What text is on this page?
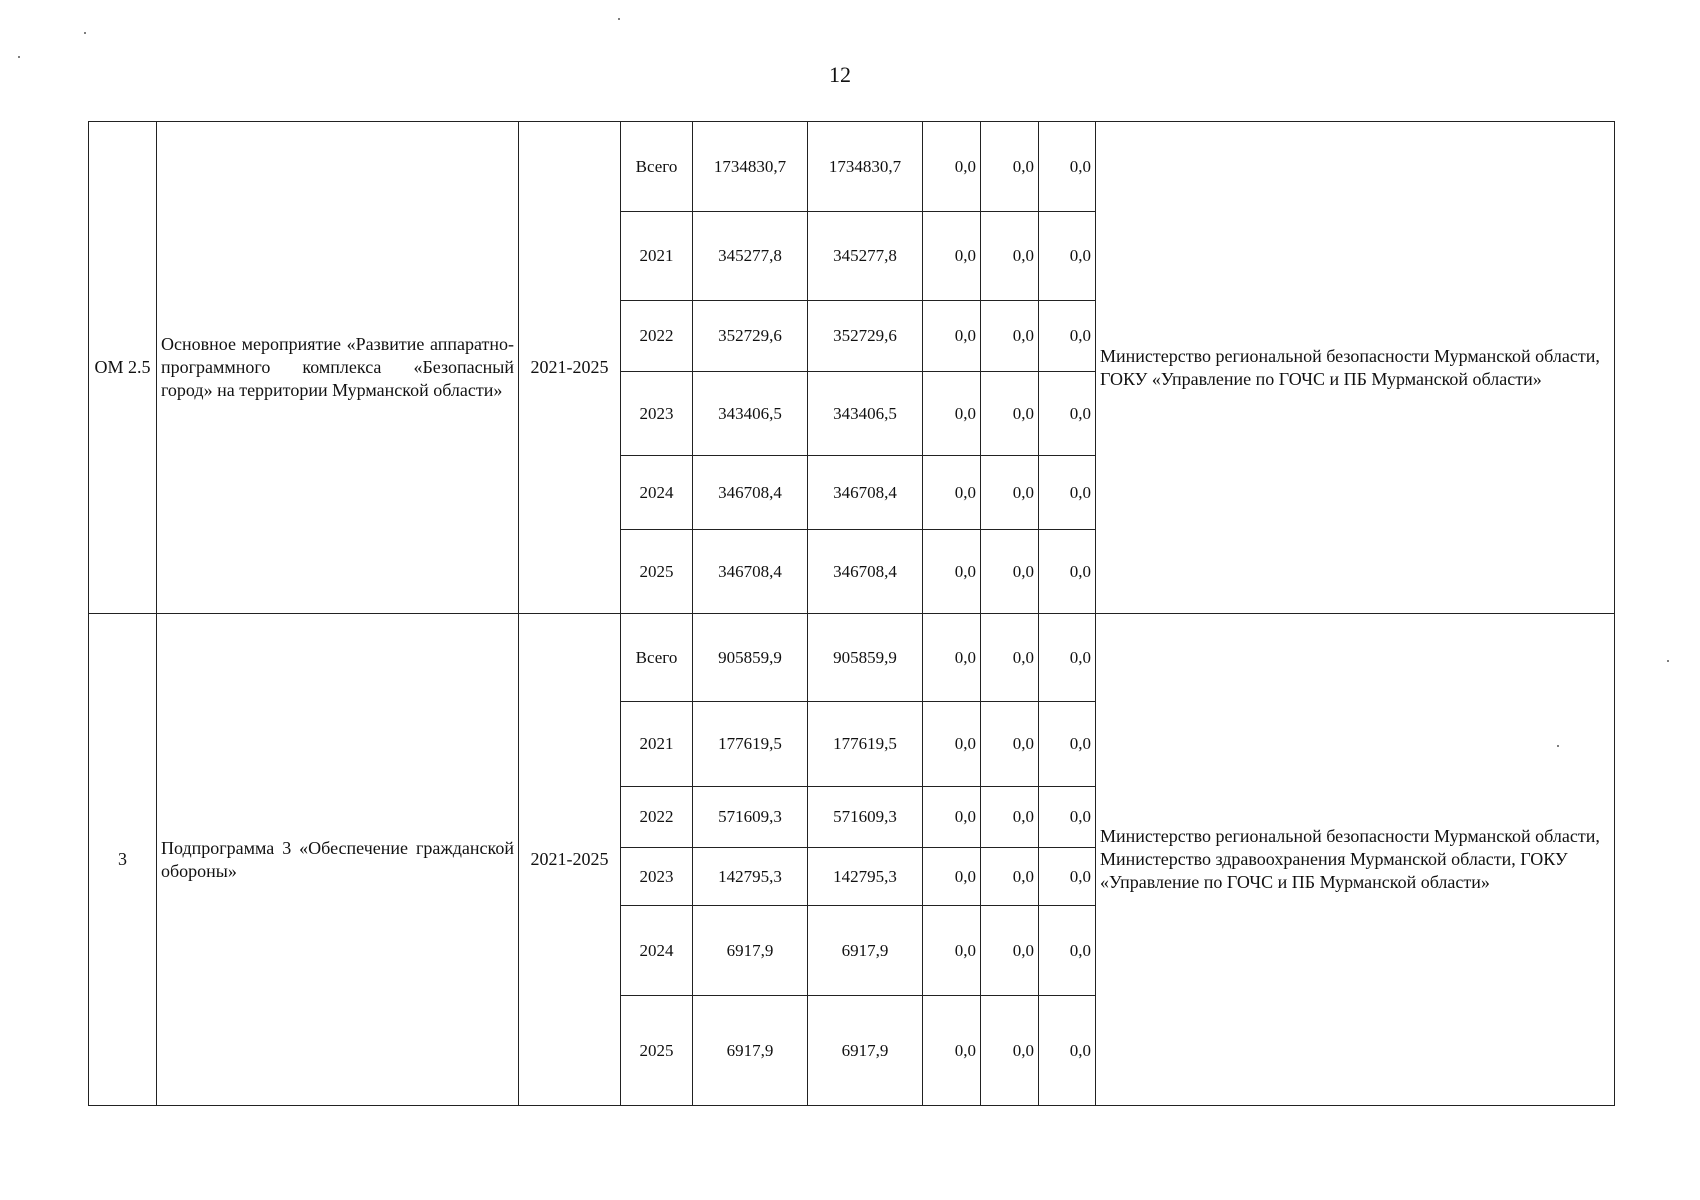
12
ОМ 2.5	Основное мероприятие «Развитие аппаратно-программного комплекса «Безопасный город» на территории Мурманской области»	2021-2025	Всего	1734830,7	1734830,7	0,0	0,0	0,0	Министерство региональной безопасности Мурманской области, ГОКУ «Управление по ГОЧС и ПБ Мурманской области»
			2021	345277,8	345277,8	0,0	0,0	0,0	
			2022	352729,6	352729,6	0,0	0,0	0,0	
			2023	343406,5	343406,5	0,0	0,0	0,0	
			2024	346708,4	346708,4	0,0	0,0	0,0	
			2025	346708,4	346708,4	0,0	0,0	0,0	
3	Подпрограмма 3 «Обеспечение гражданской обороны»	2021-2025	Всего	905859,9	905859,9	0,0	0,0	0,0	Министерство региональной безопасности Мурманской области, Министерство здравоохранения Мурманской области, ГОКУ «Управление по ГОЧС и ПБ Мурманской области»
			2021	177619,5	177619,5	0,0	0,0	0,0	
			2022	571609,3	571609,3	0,0	0,0	0,0	
			2023	142795,3	142795,3	0,0	0,0	0,0	
			2024	6917,9	6917,9	0,0	0,0	0,0	
			2025	6917,9	6917,9	0,0	0,0	0,0	
